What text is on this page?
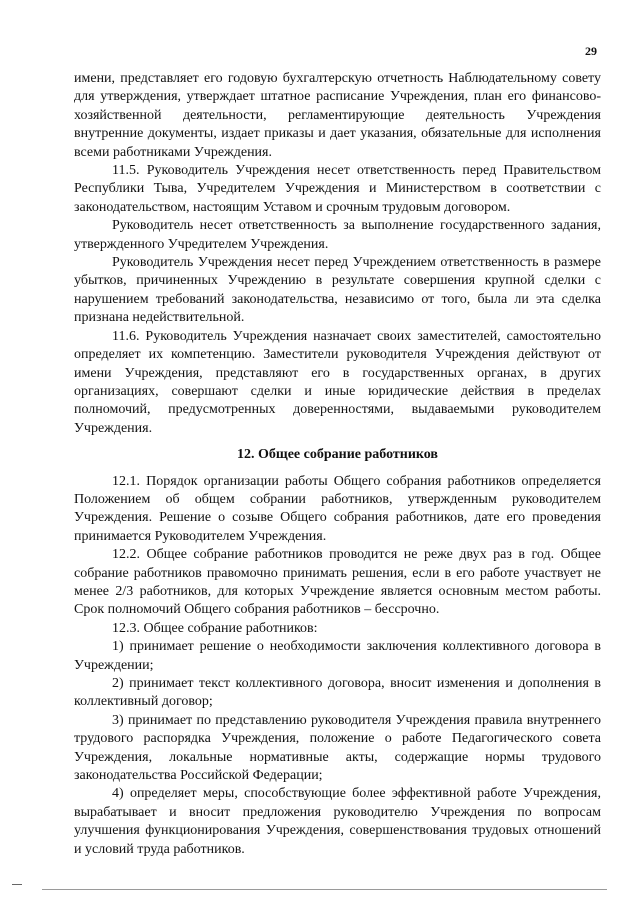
29

имени, представляет его годовую бухгалтерскую отчетность Наблюдательному совету для утверждения, утверждает штатное расписание Учреждения, план его финансово-хозяйственной деятельности, регламентирующие деятельность Учреждения внутренние документы, издает приказы и дает указания, обязательные для исполнения всеми работниками Учреждения.

11.5. Руководитель Учреждения несет ответственность перед Правительством Республики Тыва, Учредителем Учреждения и Министерством в соответствии с законодательством, настоящим Уставом и срочным трудовым договором.

Руководитель несет ответственность за выполнение государственного задания, утвержденного Учредителем Учреждения.

Руководитель Учреждения несет перед Учреждением ответственность в размере убытков, причиненных Учреждению в результате совершения крупной сделки с нарушением требований законодательства, независимо от того, была ли эта сделка признана недействительной.

11.6. Руководитель Учреждения назначает своих заместителей, самостоятельно определяет их компетенцию. Заместители руководителя Учреждения действуют от имени Учреждения, представляют его в государственных органах, в других организациях, совершают сделки и иные юридические действия в пределах полномочий, предусмотренных доверенностями, выдаваемыми руководителем Учреждения.

12. Общее собрание работников

12.1. Порядок организации работы Общего собрания работников определяется Положением об общем собрании работников, утвержденным руководителем Учреждения. Решение о созыве Общего собрания работников, дате его проведения принимается Руководителем Учреждения.

12.2. Общее собрание работников проводится не реже двух раз в год. Общее собрание работников правомочно принимать решения, если в его работе участвует не менее 2/3 работников, для которых Учреждение является основным местом работы. Срок полномочий Общего собрания работников – бессрочно.

12.3. Общее собрание работников:

1) принимает решение о необходимости заключения коллективного договора в Учреждении;

2) принимает текст коллективного договора, вносит изменения и дополнения в коллективный договор;

3) принимает по представлению руководителя Учреждения правила внутреннего трудового распорядка Учреждения, положение о работе Педагогического совета Учреждения, локальные нормативные акты, содержащие нормы трудового законодательства Российской Федерации;

4) определяет меры, способствующие более эффективной работе Учреждения, вырабатывает и вносит предложения руководителю Учреждения по вопросам улучшения функционирования Учреждения, совершенствования трудовых отношений и условий труда работников.
